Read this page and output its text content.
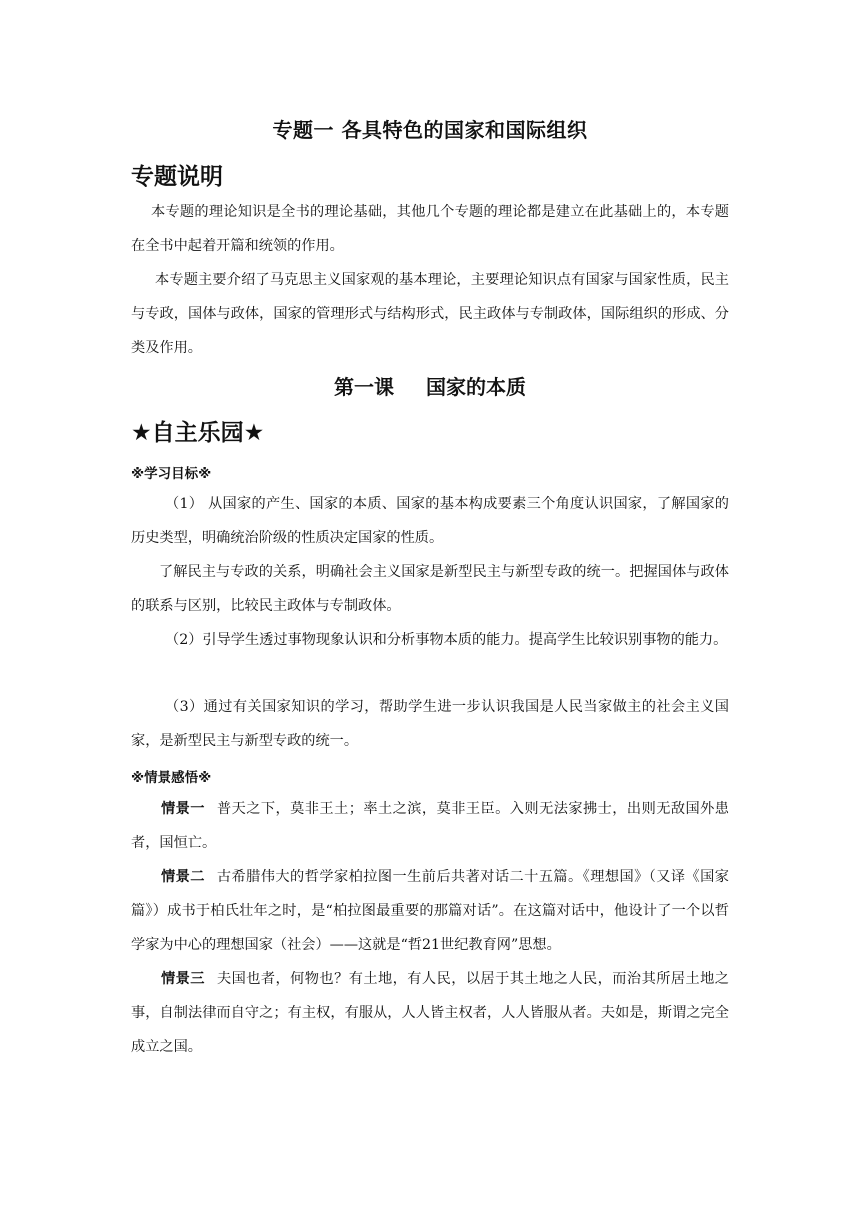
专题一 各具特色的国家和国际组织
专题说明
本专题的理论知识是全书的理论基础，其他几个专题的理论都是建立在此基础上的，本专题在全书中起着开篇和统领的作用。
本专题主要介绍了马克思主义国家观的基本理论，主要理论知识点有国家与国家性质，民主与专政，国体与政体，国家的管理形式与结构形式，民主政体与专制政体，国际组织的形成、分类及作用。
第一课 国家的本质
★自主乐园★
※学习目标※
（1） 从国家的产生、国家的本质、国家的基本构成要素三个角度认识国家，了解国家的历史类型，明确统治阶级的性质决定国家的性质。
了解民主与专政的关系，明确社会主义国家是新型民主与新型专政的统一。把握国体与政体的联系与区别，比较民主政体与专制政体。
（2）引导学生透过事物现象认识和分析事物本质的能力。提高学生比较识别事物的能力。
（3）通过有关国家知识的学习，帮助学生进一步认识我国是人民当家做主的社会主义国家，是新型民主与新型专政的统一。
※情景感悟※
情景一 普天之下，莫非王土；率土之滨，莫非王臣。入则无法家拂士，出则无敌国外患者，国恒亡。
情景二 古希腊伟大的哲学家柏拉图一生前后共著对话二十五篇。《理想国》（又译《国家篇》）成书于柏氏壮年之时，是“柏拉图最重要的那篇对话”。在这篇对话中，他设计了一个以哲学家为中心的理想国家（社会）——这就是“哲21世纪教育网”思想。
情景三 夫国也者，何物也？有土地，有人民，以居于其土地之人民，而治其所居土地之事，自制法律而自守之；有主权，有服从，人人皆主权者，人人皆服从者。夫如是，斯谓之完全成立之国。
